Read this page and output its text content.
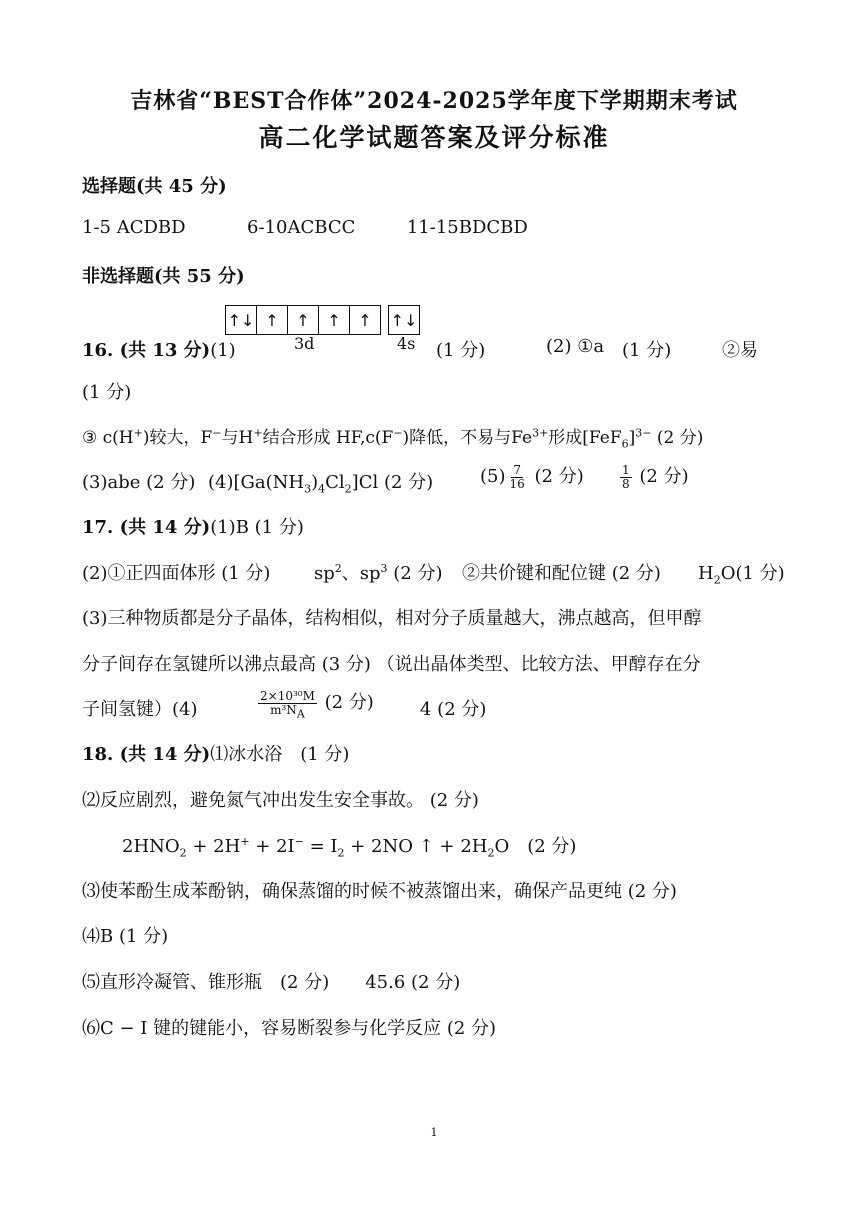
吉林省“BEST合作体”2024-2025学年度下学期期末考试
高二化学试题答案及评分标准
选择题(共 45 分)
1-5 ACDBD	6-10ACBCC	11-15BDCBD
非选择题(共 55 分)
↑↓ ↑	↑	↑	↑	↑↓
3d	4s
16. (共 13 分)(1)	(1 分)	(2) ①a (1 分)	②易
(1 分)
③ c(H+)较大，F−与H+结合形成 HF,c(F−)降低，不易与$Fe^{3+}$形成$[FeF_6]^{3-}$ (2 分)
(3)abe (2 分) $(4)[Ga(NH_3)_4Cl_2]Cl$ (2 分)	$(5) \frac{7}{16} (2$ 分)	$\frac{1}{8} (2$ 分)
17. (共 14 分)(1)B (1 分)
(2)①正四面体形 (1 分) $sp^2$、$sp^3$ (2 分) ②共价键和配位键 (2 分) $H_2O(1$ 分)
(3)三种物质都是分子晶体，结构相似，相对分子质量越大，沸点越高，但甲醇
分子间存在氢键所以沸点最高 (3 分) （说出晶体类型、比较方法、甲醇存在分
子间氢键）(4)	$\frac{\text{2×10³⁰M}}{m^3N_A} (2$ 分)	4 (2 分)
18. (共 14 分)⑴冰水浴　(1 分)
⑵反应剧烈，避免氮气冲出发生安全事故。 (2 分)
$2HNO_2 + 2H^+ + 2I^- = I_2 + 2NO$ ↑ + $2H_2O$　(2 分)
⑶使苯酚生成苯酚钠，确保蒸馏的时候不被蒸馏出来，确保产品更纯 (2 分)
⑷B (1 分)
⑸直形冷凝管、锥形瓶　(2 分)　　45.6 (2 分)
⑹C − I 键的键能小，容易断裂参与化学反应 (2 分)
1
